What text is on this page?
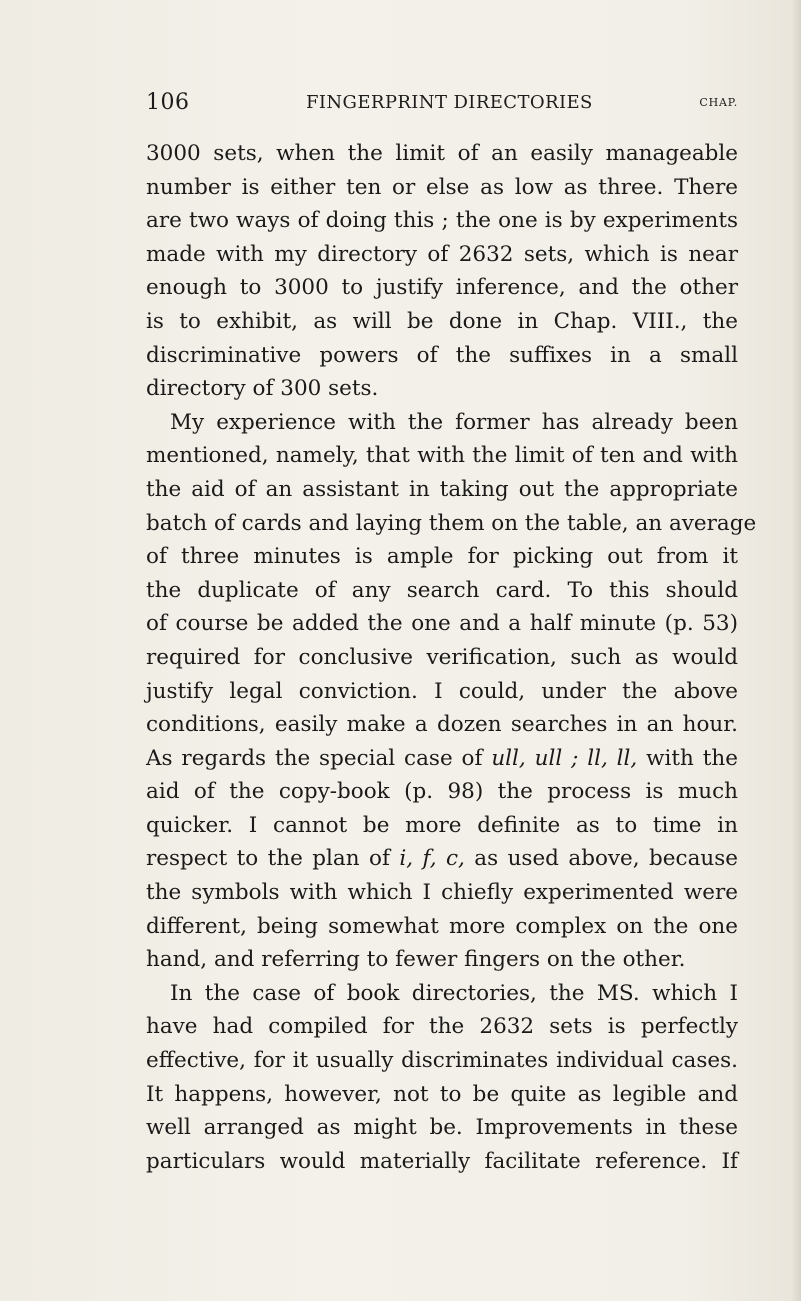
106	FINGERPRINT DIRECTORIES	CHAP.
3000 sets, when the limit of an easily manageable
number is either ten or else as low as three. There
are two ways of doing this ; the one is by experiments
made with my directory of 2632 sets, which is near
enough to 3000 to justify inference, and the other
is to exhibit, as will be done in Chap. VIII., the
discriminative powers of the suffixes in a small
directory of 300 sets.
My experience with the former has already been
mentioned, namely, that with the limit of ten and with
the aid of an assistant in taking out the appropriate
batch of cards and laying them on the table, an average
of three minutes is ample for picking out from it
the duplicate of any search card. To this should
of course be added the one and a half minute (p. 53)
required for conclusive verification, such as would
justify legal conviction. I could, under the above
conditions, easily make a dozen searches in an hour.
As regards the special case of ull, ull ; ll, ll, with the
aid of the copy-book (p. 98) the process is much
quicker. I cannot be more definite as to time in
respect to the plan of i, f, c, as used above, because
the symbols with which I chiefly experimented were
different, being somewhat more complex on the one
hand, and referring to fewer fingers on the other.
In the case of book directories, the MS. which I
have had compiled for the 2632 sets is perfectly
effective, for it usually discriminates individual cases.
It happens, however, not to be quite as legible and
well arranged as might be. Improvements in these
particulars would materially facilitate reference. If
